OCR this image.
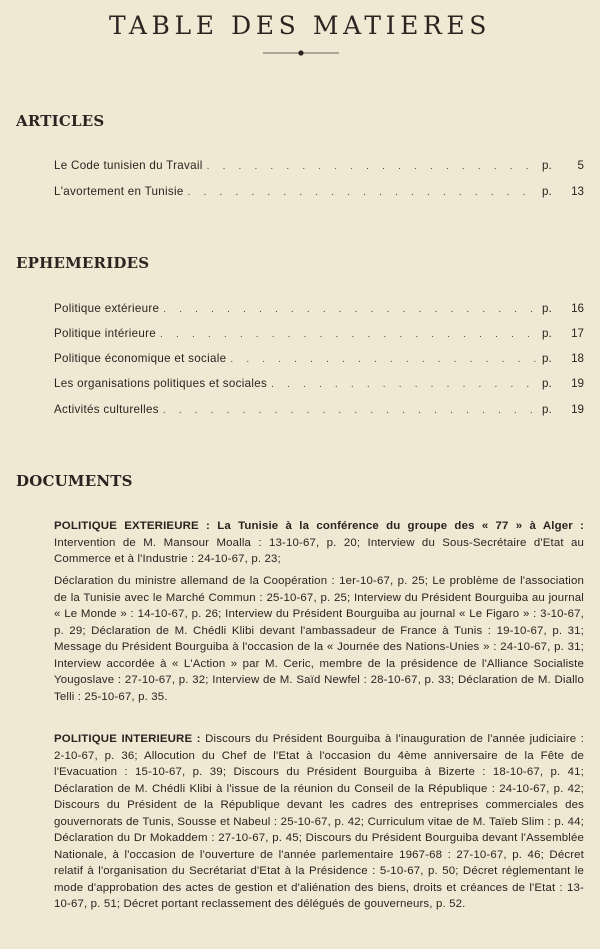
TABLE DES MATIERES
ARTICLES
Le Code tunisien du Travail . . .	p.	5
L'avortement en Tunisie . . .	p.	13
EPHEMERIDES
Politique extérieure . . .	p.	16
Politique intérieure . . .	p.	17
Politique économique et sociale . . .	p.	18
Les organisations politiques et sociales . . .	p.	19
Activités culturelles . . .	p.	19
DOCUMENTS
POLITIQUE EXTERIEURE : La Tunisie à la conférence du groupe des « 77 » à Alger : Intervention de M. Mansour Moalla : 13-10-67, p. 20; Interview du Sous-Secrétaire d'Etat au Commerce et à l'Industrie : 24-10-67, p. 23;
Déclaration du ministre allemand de la Coopération : 1er-10-67, p. 25; Le problème de l'association de la Tunisie avec le Marché Commun : 25-10-67, p. 25; Interview du Président Bourguiba au journal « Le Monde » : 14-10-67, p. 26; Interview du Président Bourguiba au journal « Le Figaro » : 3-10-67, p. 29; Déclaration de M. Chédli Klibi devant l'ambassadeur de France à Tunis : 19-10-67, p. 31; Message du Président Bourguiba à l'occasion de la « Journée des Nations-Unies » : 24-10-67, p. 31; Interview accordée à « L'Action » par M. Ceric, membre de la présidence de l'Alliance Socialiste Yougoslave : 27-10-67, p. 32; Interview de M. Saïd Newfel : 28-10-67, p. 33; Déclaration de M. Diallo Telli : 25-10-67, p. 35.
POLITIQUE INTERIEURE : Discours du Président Bourguiba à l'inauguration de l'année judiciaire : 2-10-67, p. 36; Allocution du Chef de l'Etat à l'occasion du 4ème anniversaire de la Fête de l'Evacuation : 15-10-67, p. 39; Discours du Président Bourguiba à Bizerte : 18-10-67, p. 41; Déclaration de M. Chédli Klibi à l'issue de la réunion du Conseil de la République : 24-10-67, p. 42; Discours du Président de la République devant les cadres des entreprises commerciales des gouvernorats de Tunis, Sousse et Nabeul : 25-10-67, p. 42; Curriculum vitae de M. Taïeb Slim : p. 44; Déclaration du Dr Mokaddem : 27-10-67, p. 45; Discours du Président Bourguiba devant l'Assemblée Nationale, à l'occasion de l'ouverture de l'année parlementaire 1967-68 : 27-10-67, p. 46; Décret relatif à l'organisation du Secrétariat d'Etat à la Présidence : 5-10-67, p. 50; Décret réglementant le mode d'approbation des actes de gestion et d'aliénation des biens, droits et créances de l'Etat : 13-10-67, p. 51; Décret portant reclassement des délégués de gouverneurs, p. 52.
